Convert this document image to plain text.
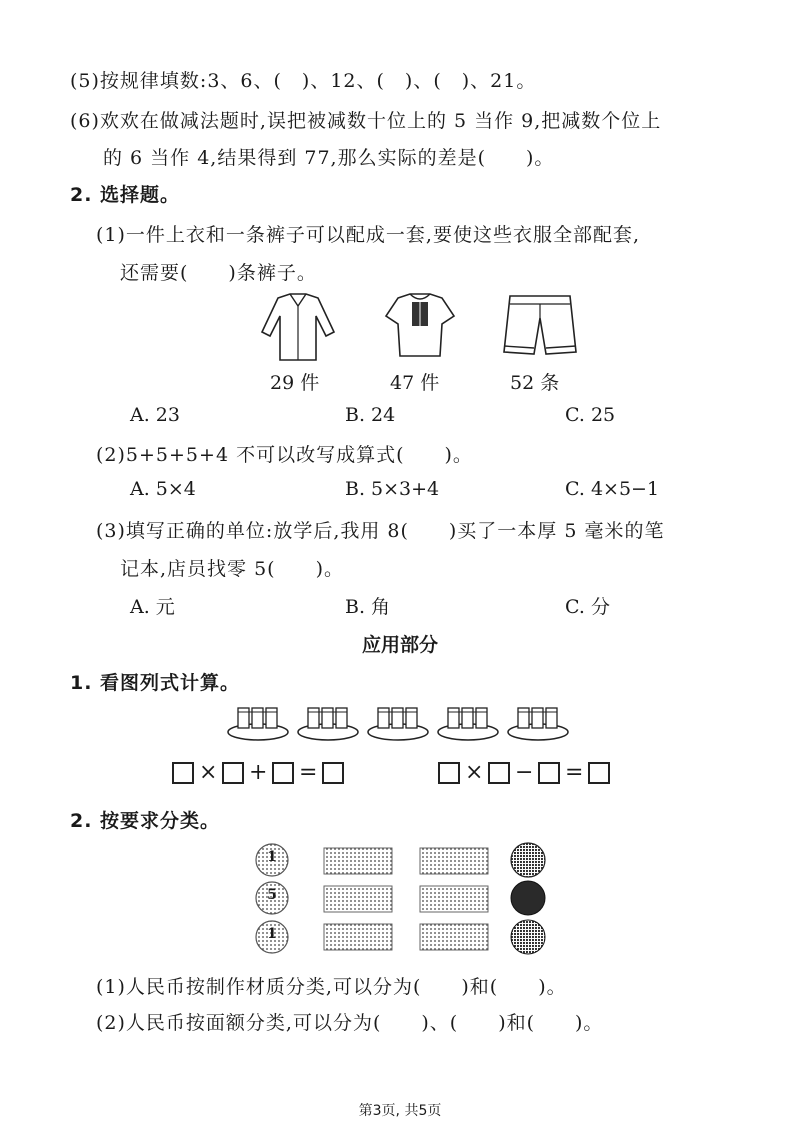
(5)按规律填数:3、6、(　)、12、(　)、(　)、21。
(6)欢欢在做减法题时,误把被减数十位上的 5 当作 9,把减数个位上
的 6 当作 4,结果得到 77,那么实际的差是(　　)。
2. 选择题。
(1)一件上衣和一条裤子可以配成一套,要使这些衣服全部配套,
还需要(　　)条裤子。
29 件	47 件	52 条
A. 23	B. 24	C. 25
(2)5+5+5+4 不可以改写成算式(　　)。
A. 5×4	B. 5×3+4	C. 4×5−1
(3)填写正确的单位:放学后,我用 8(　　)买了一本厚 5 毫米的笔
记本,店员找零 5(　　)。
A. 元	B. 角	C. 分
应用部分
1. 看图列式计算。
× + =	× − =
2. 按要求分类。
1
5
1
(1)人民币按制作材质分类,可以分为(　　)和(　　)。
(2)人民币按面额分类,可以分为(　　)、(　　)和(　　)。
第3页, 共5页
